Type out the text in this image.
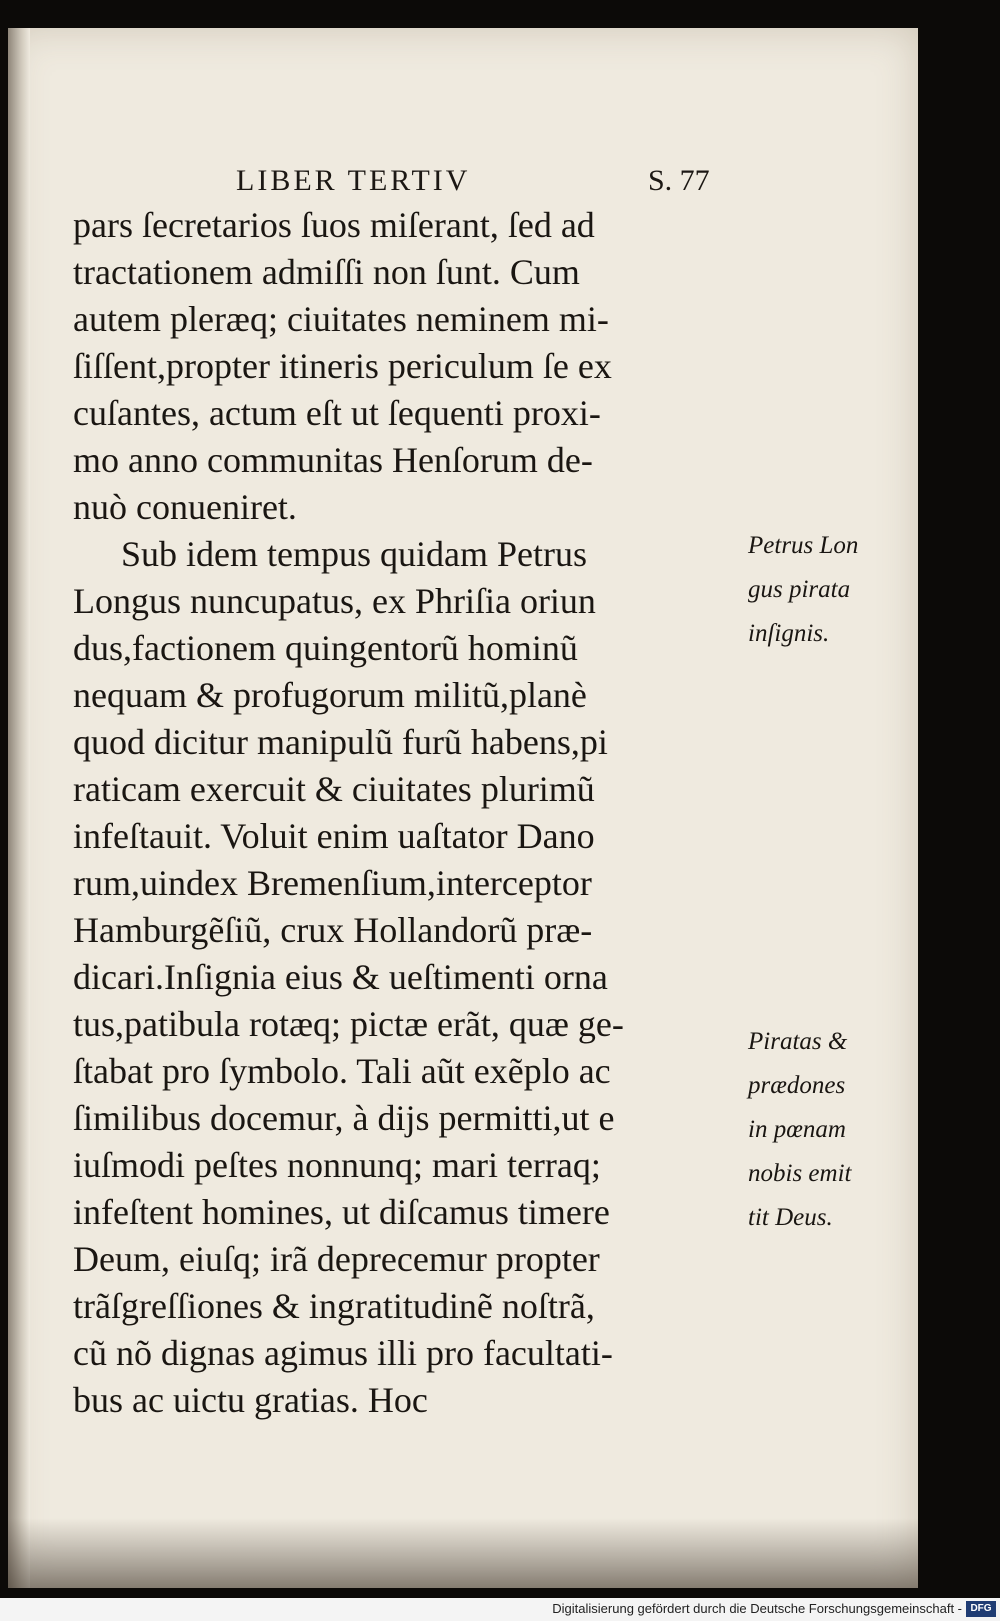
LIBER TERTIV	S. 77
pars ſecretarios ſuos miſerant, ſed ad
tractationem admiſſi non ſunt. Cum
autem pleræq; ciuitates neminem mi-
ſiſſent,propter itineris periculum ſe ex
cuſantes, actum eſt ut ſequenti proxi-
mo anno communitas Henſorum de-
nuò conueniret.
Sub idem tempus quidam Petrus
Longus nuncupatus, ex Phriſia oriun
dus,factionem quingentorũ hominũ
nequam & profugorum militũ,planè
quod dicitur manipulũ furũ habens,pi
raticam exercuit & ciuitates plurimũ
infeſtauit. Voluit enim uaſtator Dano
rum,uindex Bremenſium,interceptor
Hamburgẽſiũ, crux Hollandorũ præ-
dicari.Inſignia eius & ueſtimenti orna
tus,patibula rotæq; pictæ erãt, quæ ge-
ſtabat pro ſymbolo. Tali aũt exẽplo ac
ſimilibus docemur, à dijs permitti,ut e
iuſmodi peſtes nonnunq; mari terraq;
infeſtent homines, ut diſcamus timere
Deum, eiuſq; irã deprecemur propter
trãſgreſſiones & ingratitudinẽ noſtrã,
cũ nõ dignas agimus illi pro facultati-
bus ac uictu gratias. Hoc
Petrus Lon
gus pirata
inſignis.
Piratas &
prædones
in pœnam
nobis emit
tit Deus.
Digitalisierung gefördert durch die Deutsche Forschungsgemeinschaft - DFG
